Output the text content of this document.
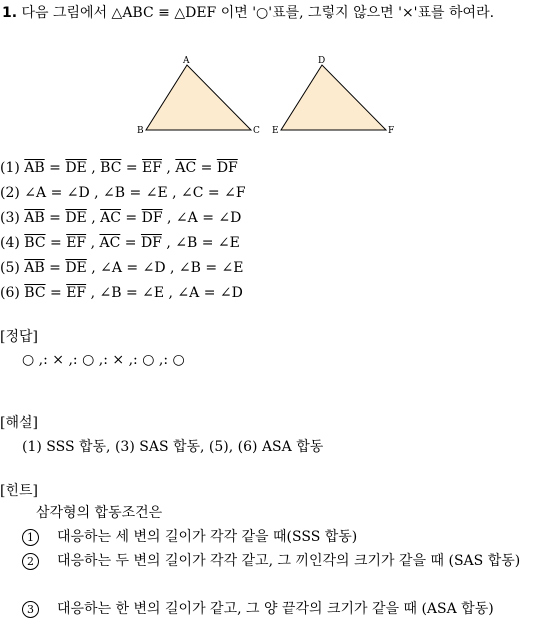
1. 다음 그림에서 △ABC ≡ △DEF 이면 '○'표를, 그렇지 않으면 '×'표를 하여라.
A
B	C
D
E	F
(1) $\overline{AB} = \overline{DE}$ , $\overline{BC} = \overline{EF}$ , $\overline{AC} = \overline{DF}$
(2) ∠A = ∠D , ∠B = ∠E , ∠C = ∠F
(3) $\overline{AB} = \overline{DE}$ , $\overline{AC} = \overline{DF}$ , ∠A = ∠D
(4) $\overline{BC} = \overline{EF}$ , $\overline{AC} = \overline{DF}$ , ∠B = ∠E
(5) $\overline{AB} = \overline{DE}$ , ∠A = ∠D , ∠B = ∠E
(6) $\overline{BC} = \overline{EF}$ , ∠B = ∠E , ∠A = ∠D
[정답]
○ ,: × ,: ○ ,: × ,: ○ ,: ○
[해설]
(1) SSS 합동, (3) SAS 합동, (5), (6) ASA 합동
[힌트]
삼각형의 합동조건은
1 대응하는 세 변의 길이가 각각 같을 때(SSS 합동)
2 대응하는 두 변의 길이가 각각 같고, 그 끼인각의 크기가 같을 때 (SAS 합동)
3 대응하는 한 변의 길이가 같고, 그 양 끝각의 크기가 같을 때 (ASA 합동)
